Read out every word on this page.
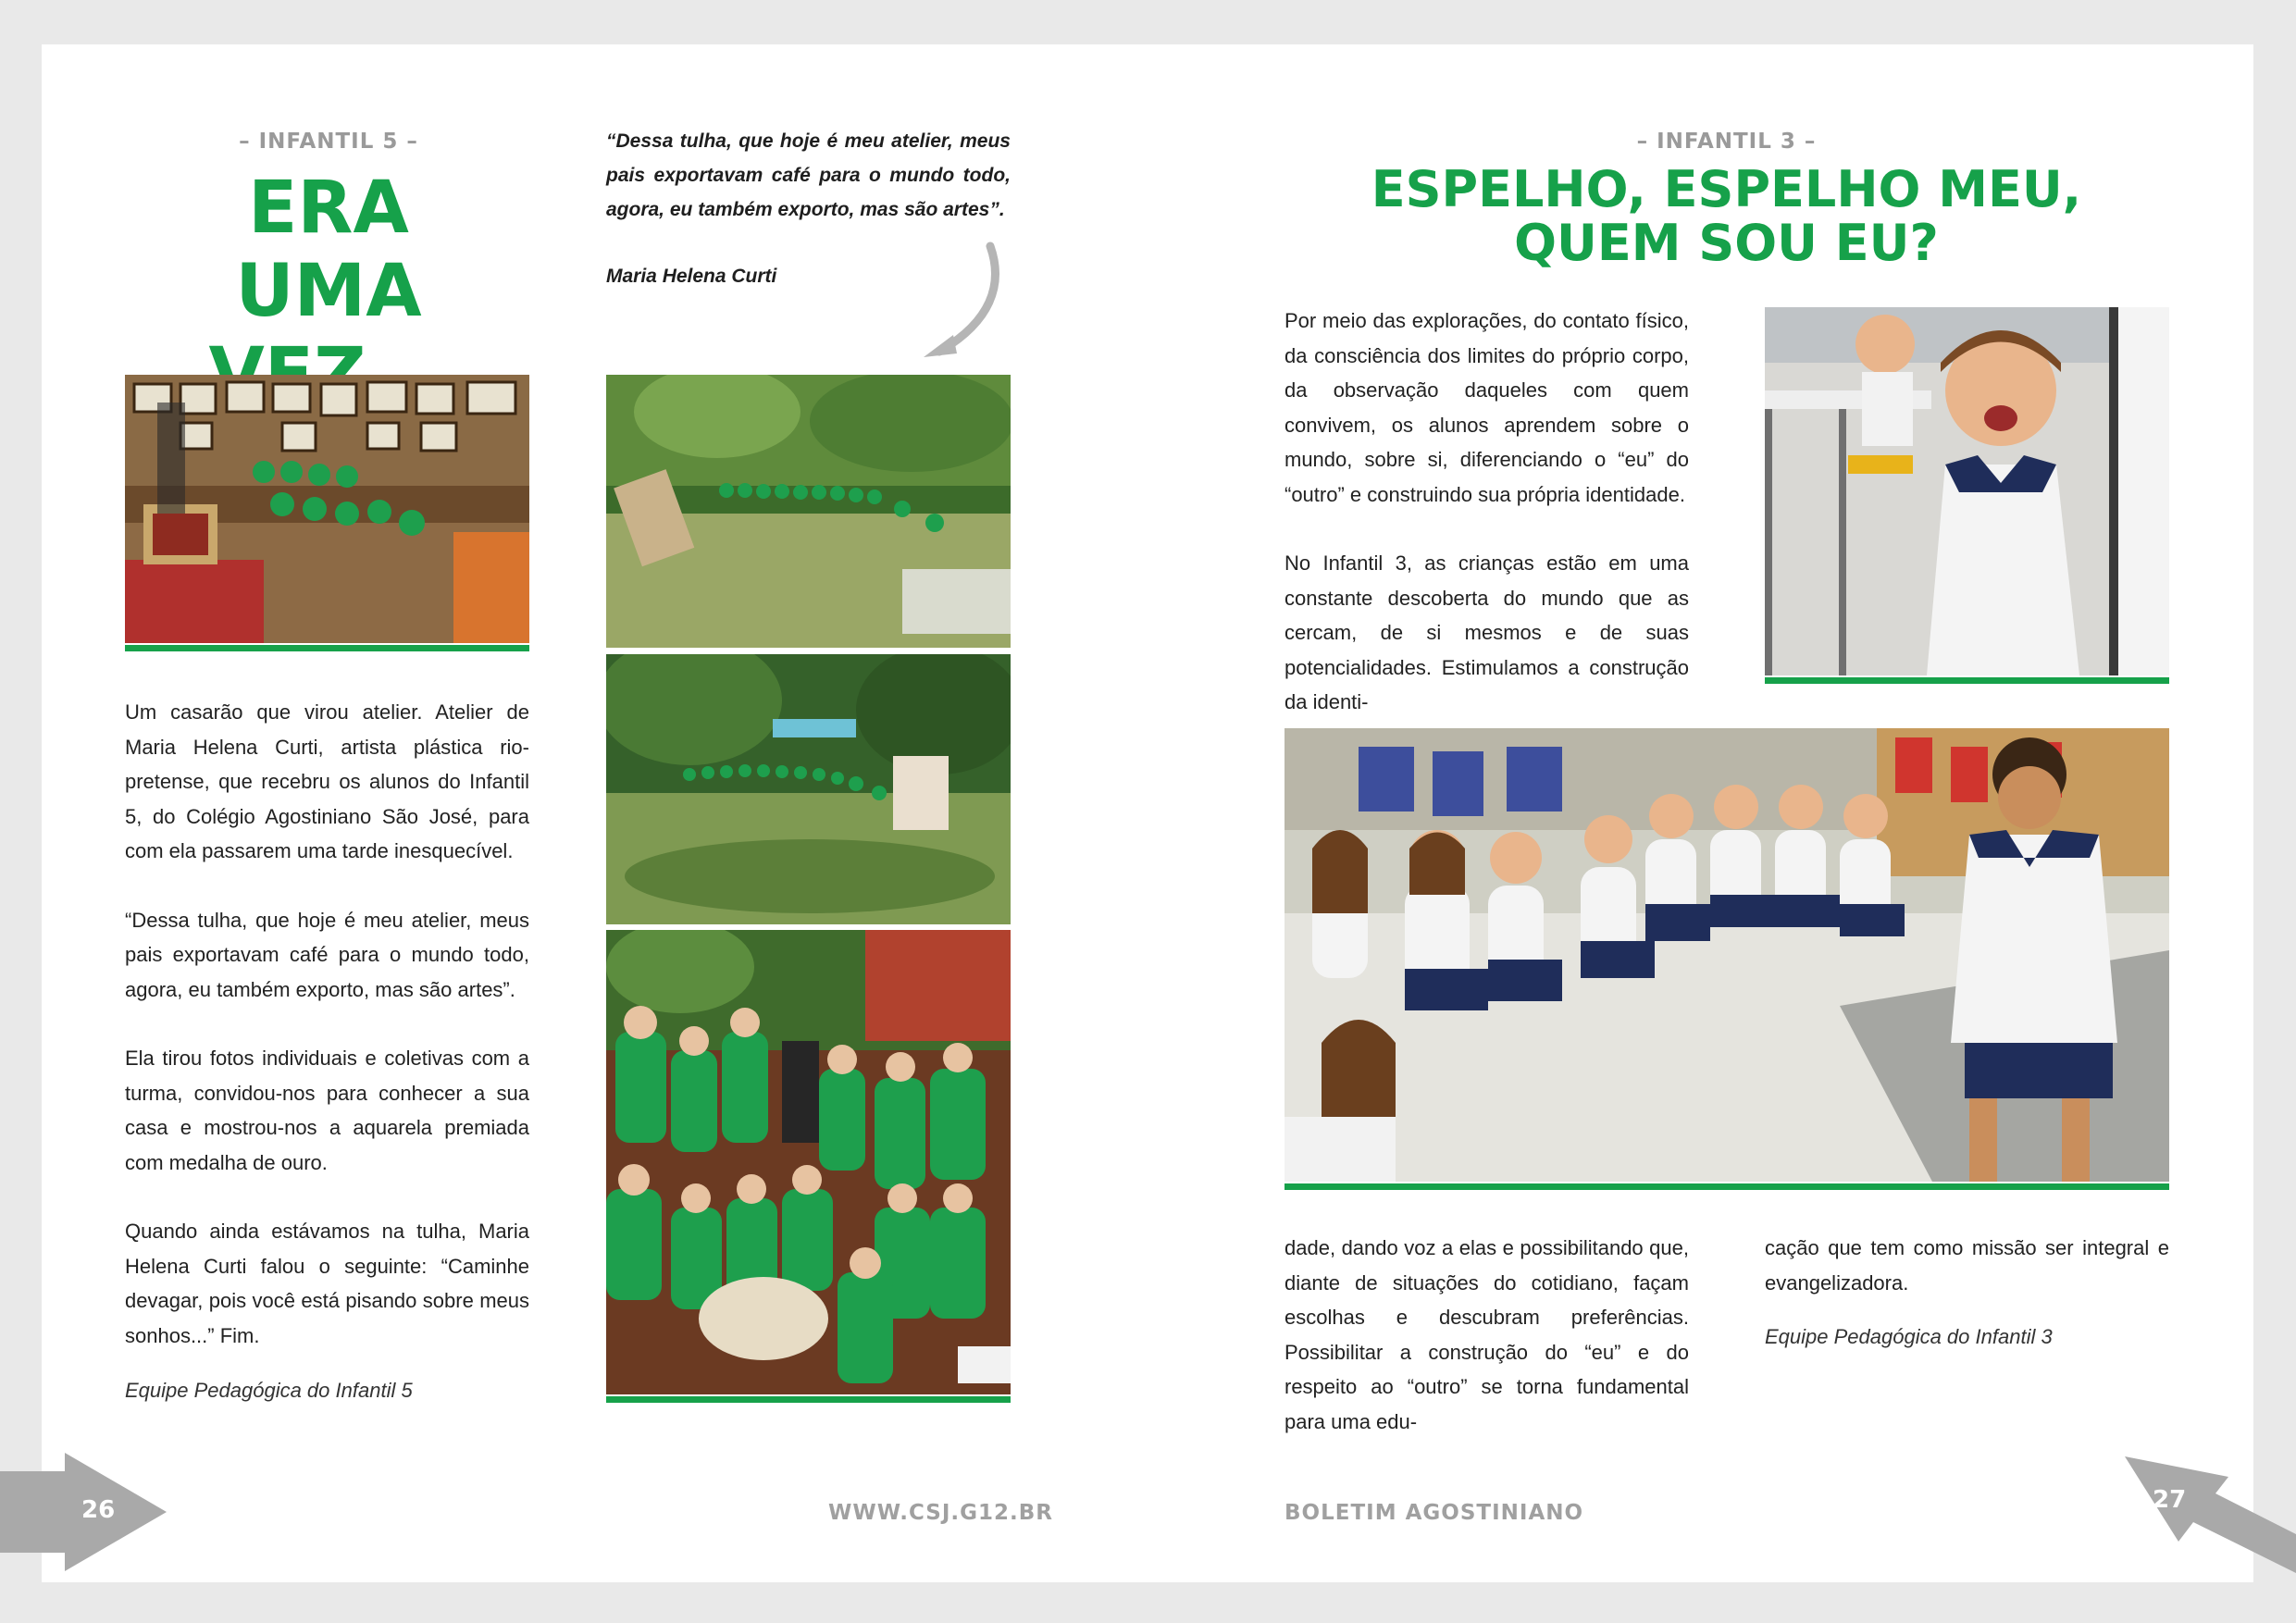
– INFANTIL 5 –
ERA
UMA
“Dessa tulha, que hoje é meu atelier, meus pais exportavam café para o mundo todo, agora, eu também exporto, mas são artes”.
Maria Helena Curti

Um casarão que virou atelier. Atelier de Maria Helena Curti, artista plástica rio-pretense, que recebru os alunos do Infantil 5, do Colégio Agostiniano São José, para com ela passarem uma tarde inesquecível.

“Dessa tulha, que hoje é meu atelier, meus pais exportavam café para o mundo todo, agora, eu também exporto, mas são artes”.

Ela tirou fotos individuais e coletivas com a turma, convidou-nos para conhecer a sua casa e mostrou-nos a aquarela premiada com medalha de ouro.

Quando ainda estávamos na tulha, Maria Helena Curti falou o seguinte: “Caminhe devagar, pois você está pisando sobre meus sonhos...” Fim.

Equipe Pedagógica do Infantil 5
– INFANTIL 3 –
ESPELHO, ESPELHO MEU,
QUEM SOU EU?

Por meio das explorações, do contato físico, da consciência dos limites do próprio corpo, da observação daqueles com quem convivem, os alunos aprendem sobre o mundo, sobre si, diferenciando o “eu” do “outro” e construindo sua própria identidade.

No Infantil 3, as crianças estão em uma constante descoberta do mundo que as cercam, de si mesmos e de suas potencialidades. Estimulamos a construção da identi-

dade, dando voz a elas e possibilitando que, diante de situações do cotidiano, façam escolhas e descubram preferências. Possibilitar a construção do “eu” e do respeito ao “outro” se torna fundamental para uma edu-
cação que tem como missão ser integral e evangelizadora.
Equipe Pedagógica do Infantil 3
26	WWW.CSJ.G12.BR	BOLETIM AGOSTINIANO	27
